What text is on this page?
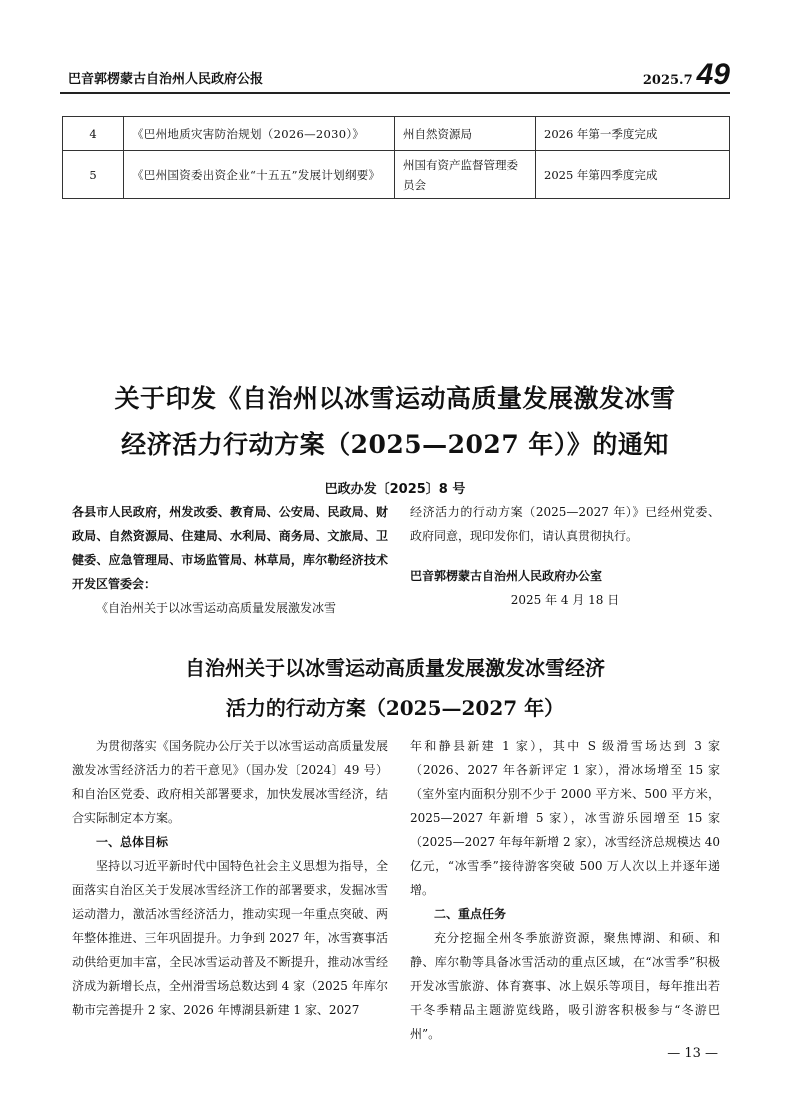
巴音郭楞蒙古自治州人民政府公报	2025.7 49
4	《巴州地质灾害防治规划（2026—2030）》	州自然资源局	2026 年第一季度完成
5	《巴州国资委出资企业“十五五”发展计划纲要》	州国有资产监督管理委员会	2025 年第四季度完成
关于印发《自治州以冰雪运动高质量发展激发冰雪
经济活力行动方案（2025—2027 年）》的通知
巴政办发〔2025〕8 号

各县市人民政府，州发改委、教育局、公安局、民政局、财政局、自然资源局、住建局、水利局、商务局、文旅局、卫健委、应急管理局、市场监管局、林草局，库尔勒经济技术开发区管委会：

《自治州关于以冰雪运动高质量发展激发冰雪

经济活力的行动方案（2025—2027 年）》已经州党委、政府同意，现印发你们，请认真贯彻执行。

巴音郭楞蒙古自治州人民政府办公室

2025 年 4 月 18 日

自治州关于以冰雪运动高质量发展激发冰雪经济
活力的行动方案（2025—2027 年）

为贯彻落实《国务院办公厅关于以冰雪运动高质量发展激发冰雪经济活力的若干意见》（国办发〔2024〕49 号）和自治区党委、政府相关部署要求，加快发展冰雪经济，结合实际制定本方案。

一、总体目标

坚持以习近平新时代中国特色社会主义思想为指导，全面落实自治区关于发展冰雪经济工作的部署要求，发掘冰雪运动潜力，激活冰雪经济活力，推动实现一年重点突破、两年整体推进、三年巩固提升。力争到 2027 年，冰雪赛事活动供给更加丰富，全民冰雪运动普及不断提升，推动冰雪经济成为新增长点，全州滑雪场总数达到 4 家（2025 年库尔勒市完善提升 2 家、2026 年博湖县新建 1 家、2027

年和静县新建 1 家），其中 S 级滑雪场达到 3 家（2026、2027 年各新评定 1 家），滑冰场增至 15 家（室外室内面积分别不少于 2000 平方米、500 平方米，2025—2027 年新增 5 家），冰雪游乐园增至 15 家（2025—2027 年每年新增 2 家），冰雪经济总规模达 40 亿元，“冰雪季”接待游客突破 500 万人次以上并逐年递增。

二、重点任务

充分挖掘全州冬季旅游资源，聚焦博湖、和硕、和静、库尔勒等具备冰雪活动的重点区域，在“冰雪季”积极开发冰雪旅游、体育赛事、冰上娱乐等项目，每年推出若干冬季精品主题游览线路，吸引游客积极参与“冬游巴州”。

— 13 —
